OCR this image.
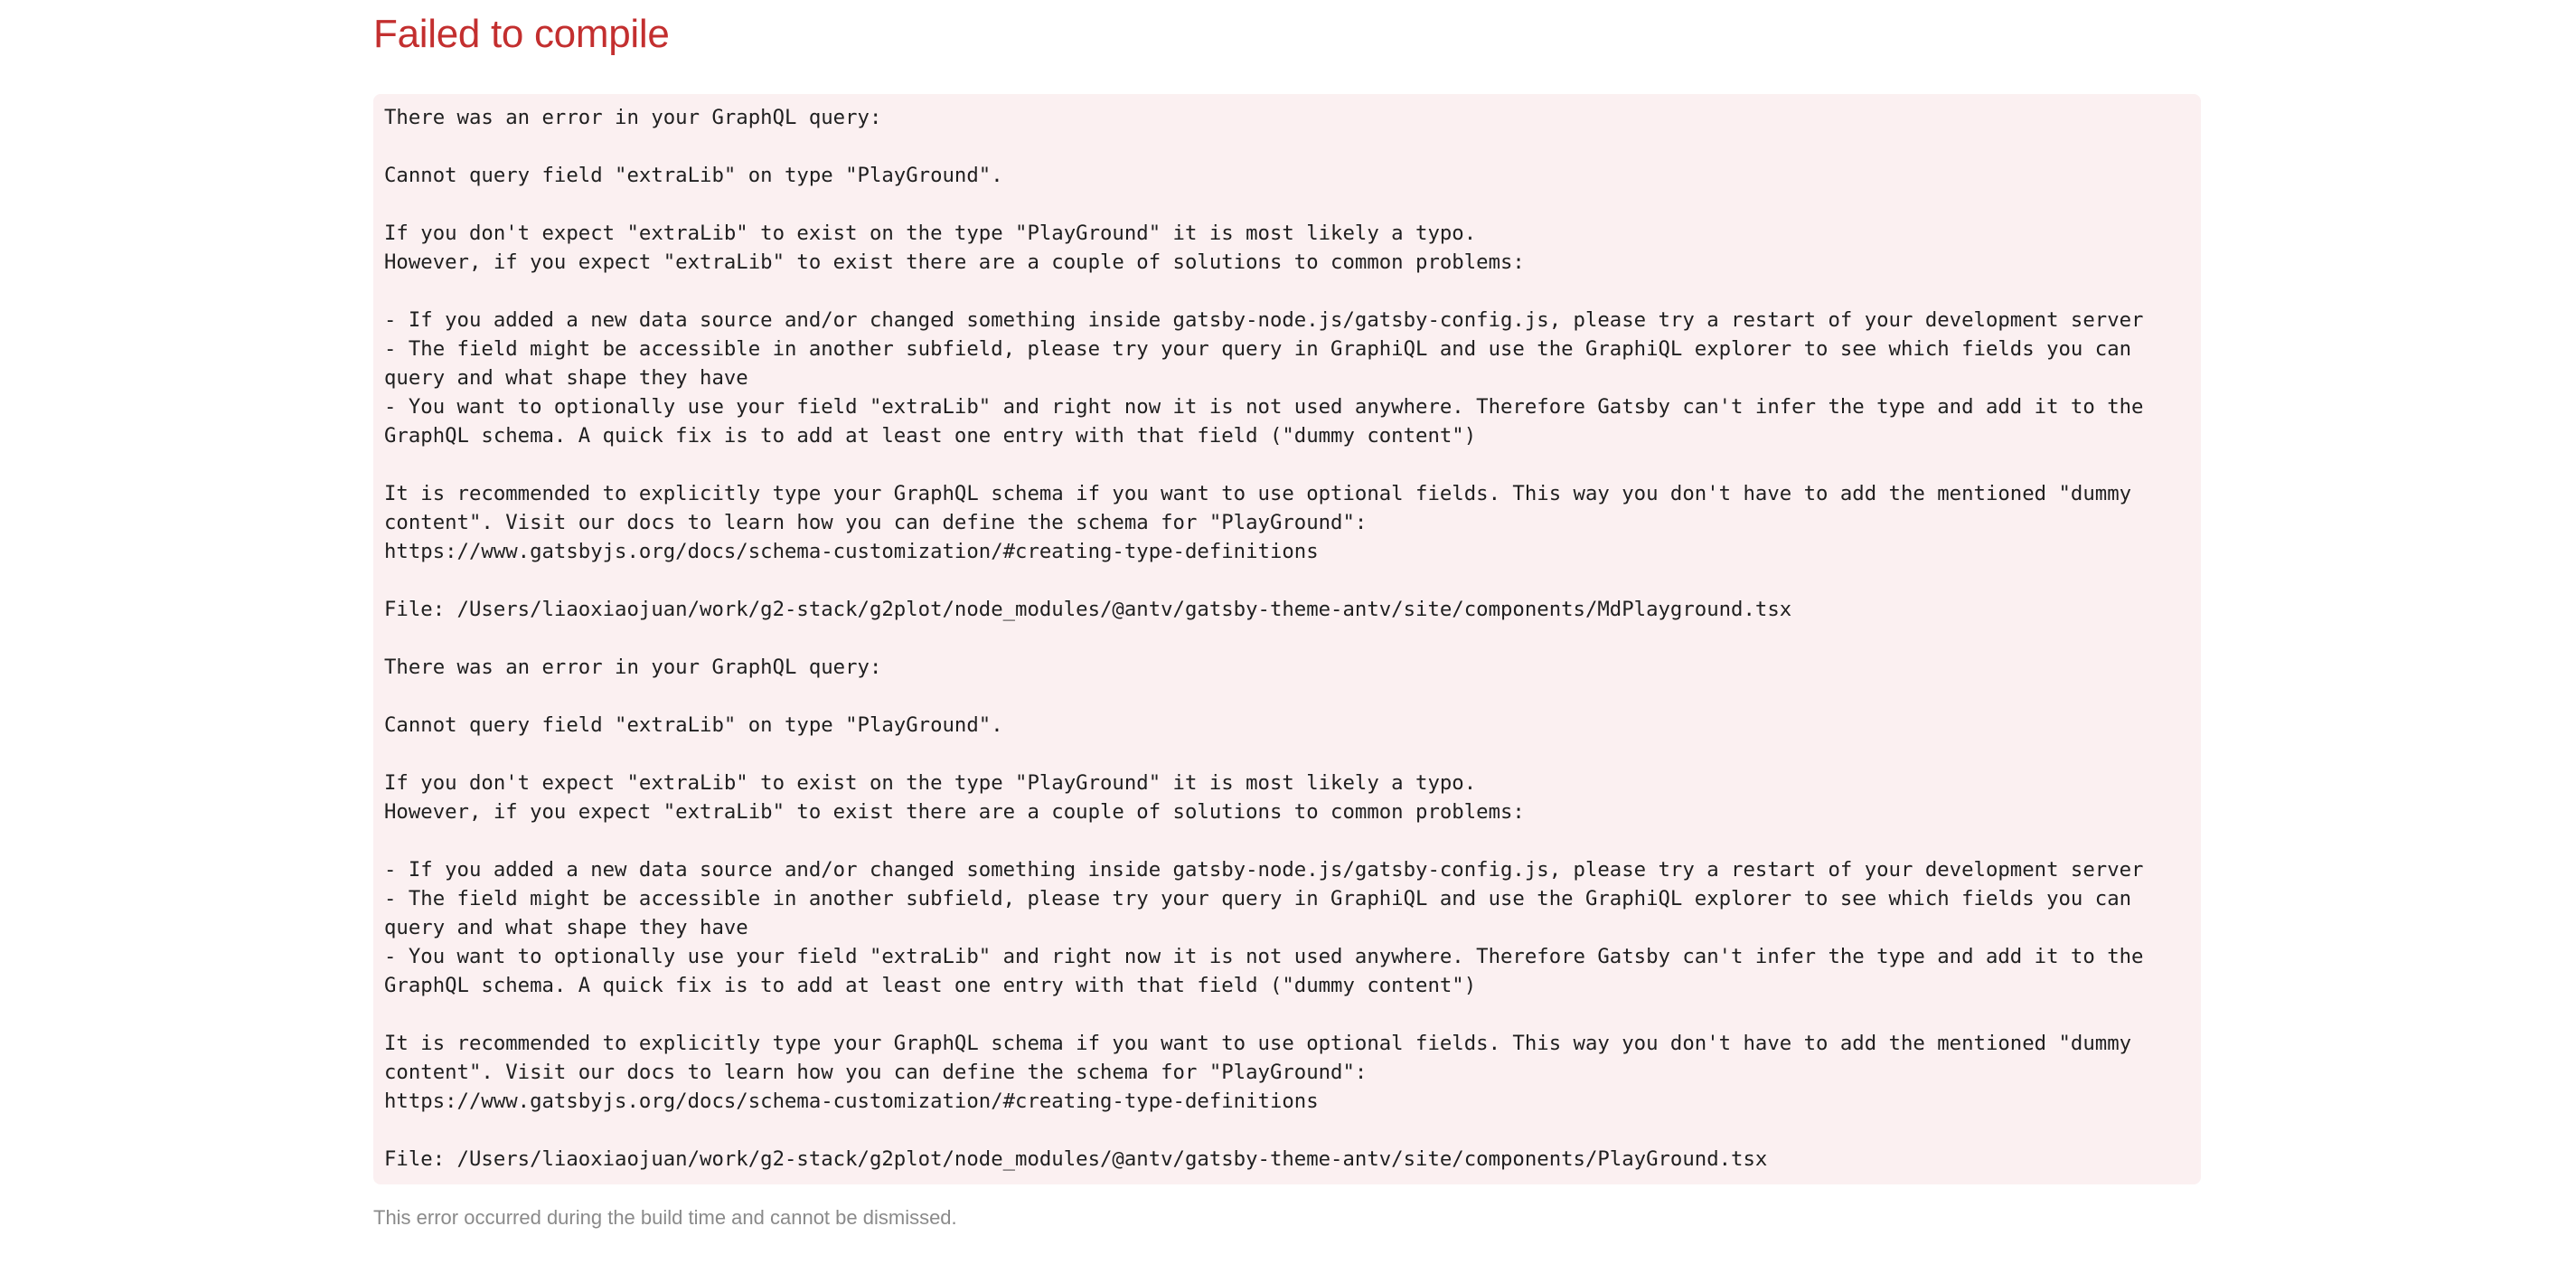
Failed to compile
There was an error in your GraphQL query:

Cannot query field "extraLib" on type "PlayGround".

If you don't expect "extraLib" to exist on the type "PlayGround" it is most likely a typo.
However, if you expect "extraLib" to exist there are a couple of solutions to common problems:

- If you added a new data source and/or changed something inside gatsby-node.js/gatsby-config.js, please try a restart of your development server
- The field might be accessible in another subfield, please try your query in GraphiQL and use the GraphiQL explorer to see which fields you can query and what shape they have
- You want to optionally use your field "extraLib" and right now it is not used anywhere. Therefore Gatsby can't infer the type and add it to the GraphQL schema. A quick fix is to add at least one entry with that field ("dummy content")

It is recommended to explicitly type your GraphQL schema if you want to use optional fields. This way you don't have to add the mentioned "dummy content". Visit our docs to learn how you can define the schema for "PlayGround":
https://www.gatsbyjs.org/docs/schema-customization/#creating-type-definitions

File: /Users/liaoxiaojuan/work/g2-stack/g2plot/node_modules/@antv/gatsby-theme-antv/site/components/MdPlayground.tsx

There was an error in your GraphQL query:

Cannot query field "extraLib" on type "PlayGround".

If you don't expect "extraLib" to exist on the type "PlayGround" it is most likely a typo.
However, if you expect "extraLib" to exist there are a couple of solutions to common problems:

- If you added a new data source and/or changed something inside gatsby-node.js/gatsby-config.js, please try a restart of your development server
- The field might be accessible in another subfield, please try your query in GraphiQL and use the GraphiQL explorer to see which fields you can query and what shape they have
- You want to optionally use your field "extraLib" and right now it is not used anywhere. Therefore Gatsby can't infer the type and add it to the GraphQL schema. A quick fix is to add at least one entry with that field ("dummy content")

It is recommended to explicitly type your GraphQL schema if you want to use optional fields. This way you don't have to add the mentioned "dummy content". Visit our docs to learn how you can define the schema for "PlayGround":
https://www.gatsbyjs.org/docs/schema-customization/#creating-type-definitions

File: /Users/liaoxiaojuan/work/g2-stack/g2plot/node_modules/@antv/gatsby-theme-antv/site/components/PlayGround.tsx
This error occurred during the build time and cannot be dismissed.
